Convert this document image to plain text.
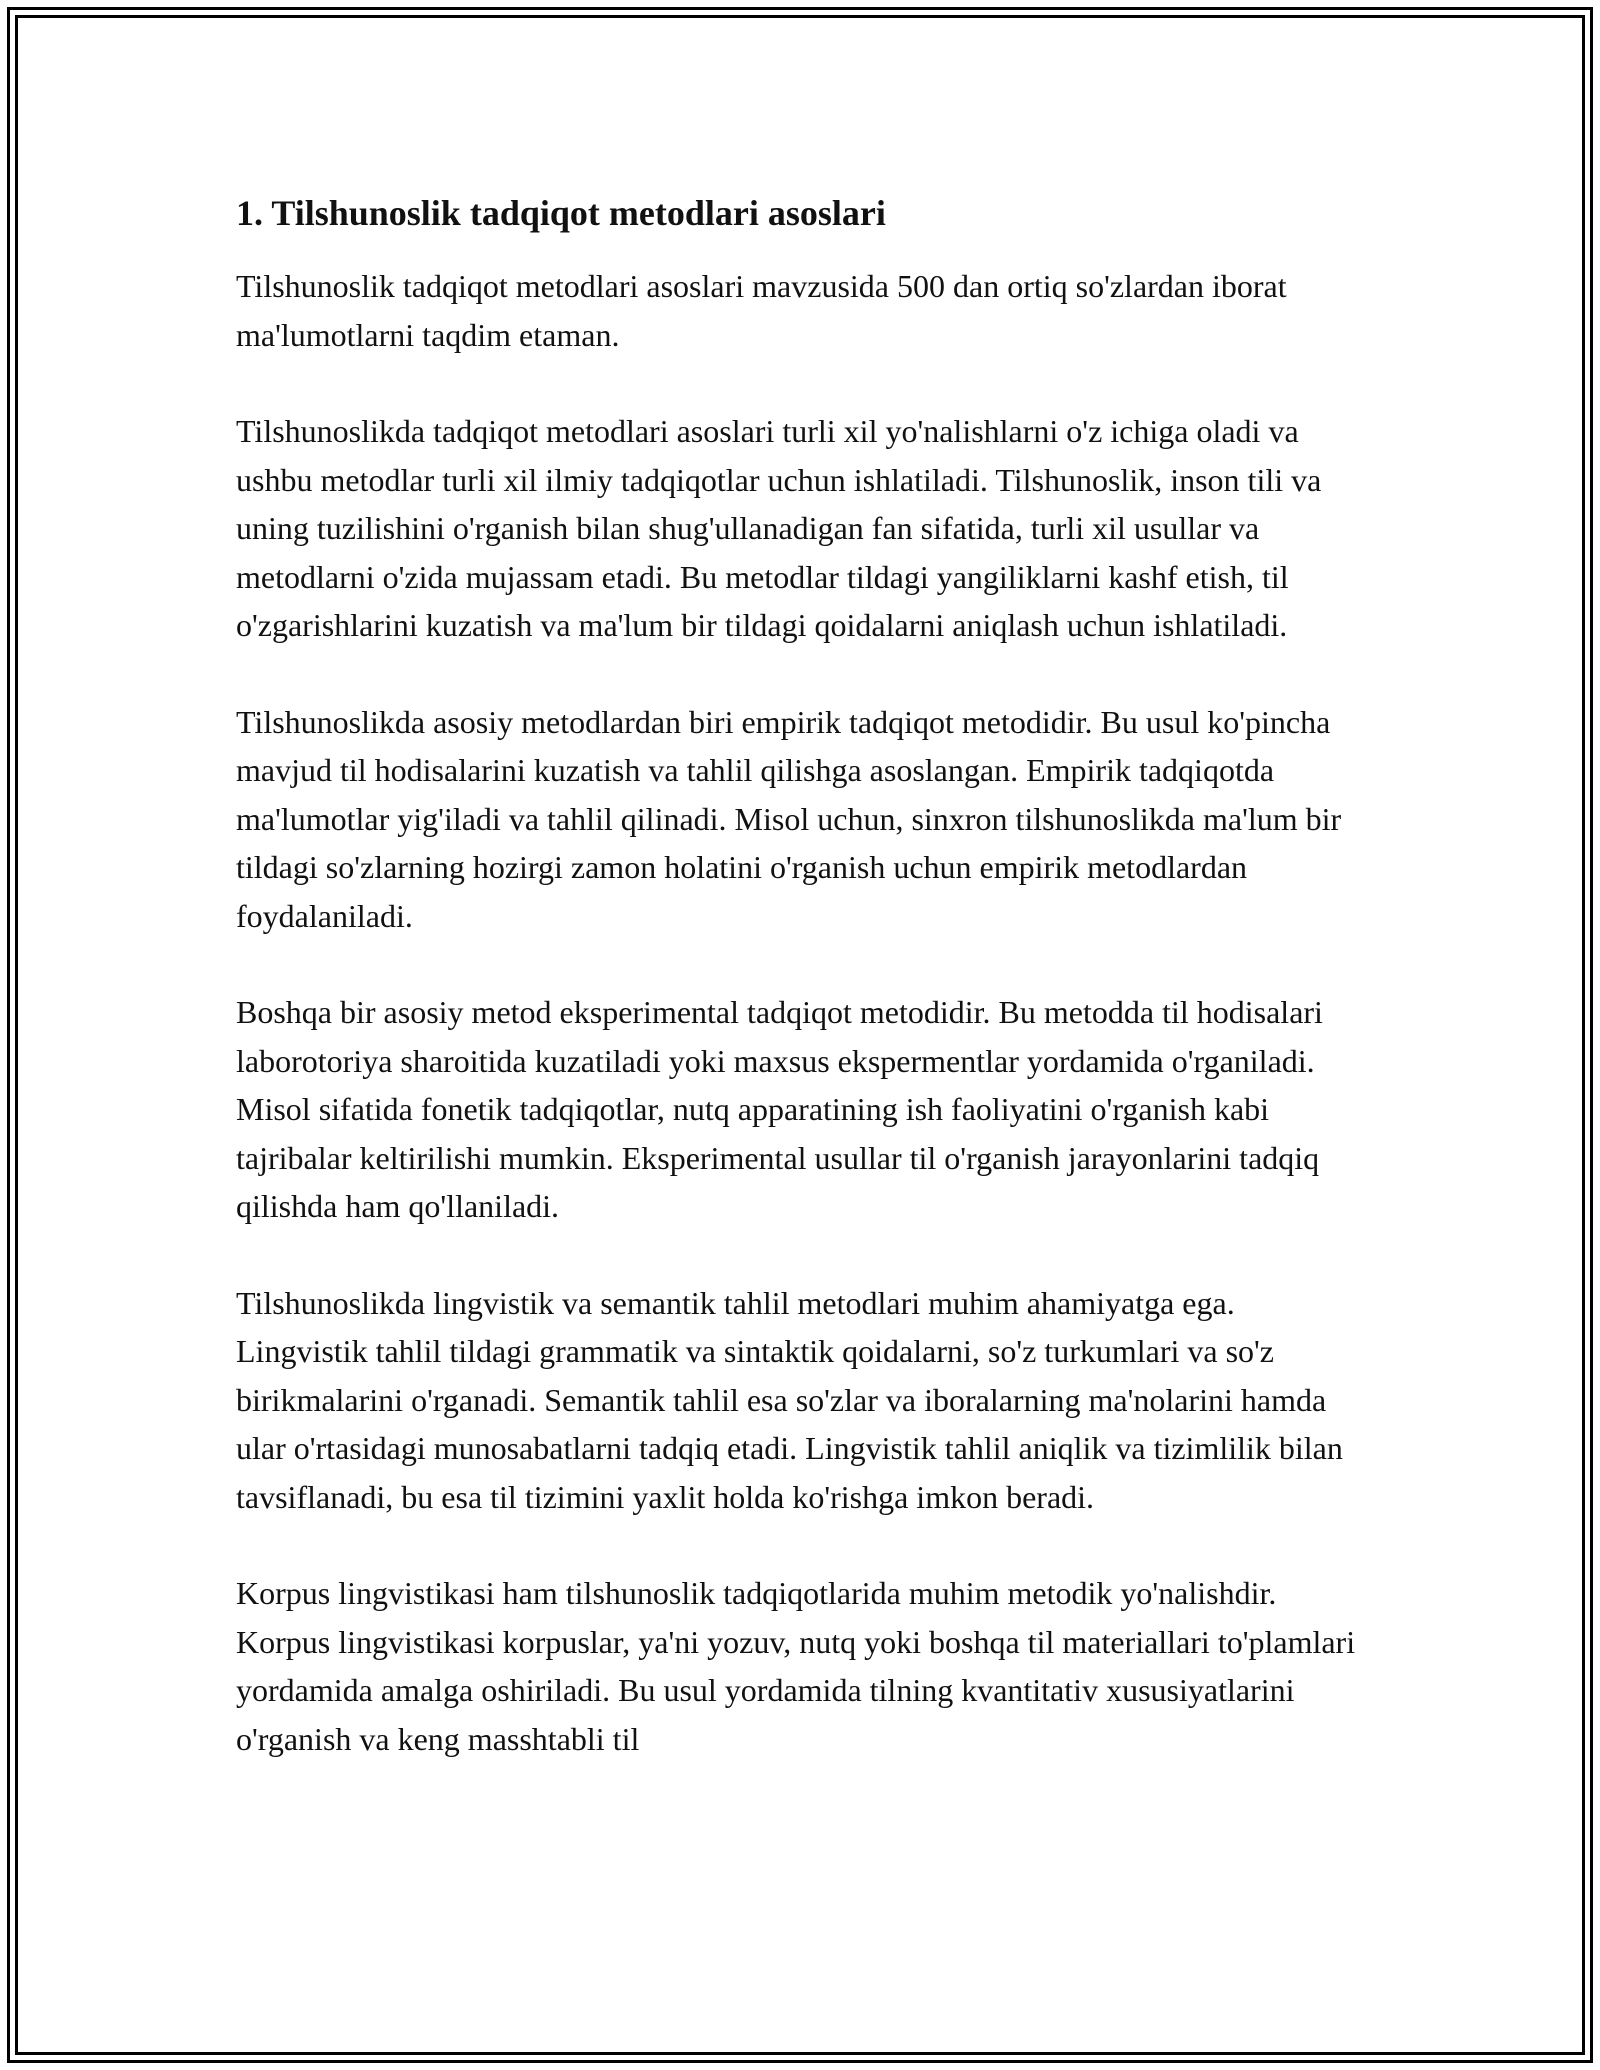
1. Tilshunoslik tadqiqot metodlari asoslari

Tilshunoslik tadqiqot metodlari asoslari mavzusida 500 dan ortiq so'zlardan iborat ma'lumotlarni taqdim etaman.

Tilshunoslikda tadqiqot metodlari asoslari turli xil yo'nalishlarni o'z ichiga oladi va ushbu metodlar turli xil ilmiy tadqiqotlar uchun ishlatiladi. Tilshunoslik, inson tili va uning tuzilishini o'rganish bilan shug'ullanadigan fan sifatida, turli xil usullar va metodlarni o'zida mujassam etadi. Bu metodlar tildagi yangiliklarni kashf etish, til o'zgarishlarini kuzatish va ma'lum bir tildagi qoidalarni aniqlash uchun ishlatiladi.

Tilshunoslikda asosiy metodlardan biri empirik tadqiqot metodidir. Bu usul ko'pincha mavjud til hodisalarini kuzatish va tahlil qilishga asoslangan. Empirik tadqiqotda ma'lumotlar yig'iladi va tahlil qilinadi. Misol uchun, sinxron tilshunoslikda ma'lum bir tildagi so'zlarning hozirgi zamon holatini o'rganish uchun empirik metodlardan foydalaniladi.

Boshqa bir asosiy metod eksperimental tadqiqot metodidir. Bu metodda til hodisalari laborotoriya sharoitida kuzatiladi yoki maxsus ekspermentlar yordamida o'rganiladi. Misol sifatida fonetik tadqiqotlar, nutq apparatining ish faoliyatini o'rganish kabi tajribalar keltirilishi mumkin. Eksperimental usullar til o'rganish jarayonlarini tadqiq qilishda ham qo'llaniladi.

Tilshunoslikda lingvistik va semantik tahlil metodlari muhim ahamiyatga ega. Lingvistik tahlil tildagi grammatik va sintaktik qoidalarni, so'z turkumlari va so'z birikmalarini o'rganadi. Semantik tahlil esa so'zlar va iboralarning ma'nolarini hamda ular o'rtasidagi munosabatlarni tadqiq etadi. Lingvistik tahlil aniqlik va tizimlilik bilan tavsiflanadi, bu esa til tizimini yaxlit holda ko'rishga imkon beradi.

Korpus lingvistikasi ham tilshunoslik tadqiqotlarida muhim metodik yo'nalishdir. Korpus lingvistikasi korpuslar, ya'ni yozuv, nutq yoki boshqa til materiallari to'plamlari yordamida amalga oshiriladi. Bu usul yordamida tilning kvantitativ xususiyatlarini o'rganish va keng masshtabli til
